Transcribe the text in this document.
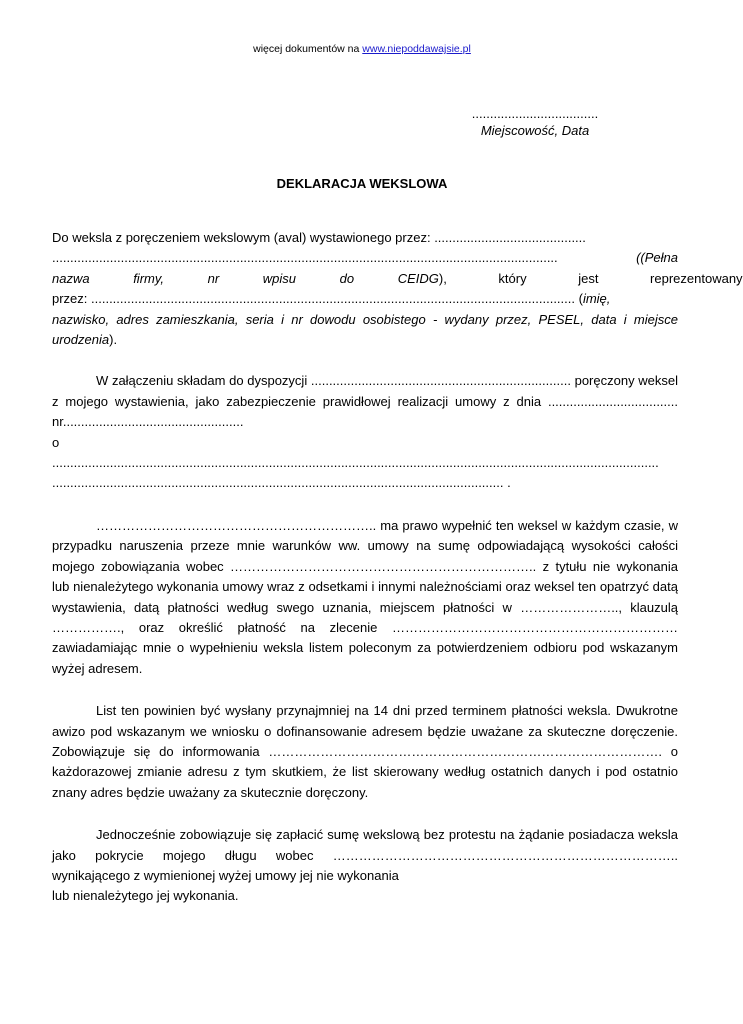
więcej dokumentów na www.niepoddawajsie.pl
...................................
Miejscowość, Data
DEKLARACJA WEKSLOWA
Do weksla z poręczeniem wekslowym (aval) wystawionego przez: ..........................................
............................................................................................................................................	((Pełna
nazwa firmy, nr wpisu do CEIDG ), który jest reprezentowany
przez: ...................................................................................................................................... (imię,
nazwisko, adres zamieszkania, seria i nr dowodu osobistego - wydany przez, PESEL, data i miejsce
urodzenia).

W załączeniu składam do dyspozycji ........................................................................ poręczony weksel z mojego wystawienia, jako zabezpieczenie prawidłowej realizacji umowy z dnia .................................... nr..................................................

o
........................................................................................................................................................................
............................................................................................................................. .

……………………………………………………….. ma prawo wypełnić ten weksel w każdym czasie, w przypadku naruszenia przeze mnie warunków ww. umowy na sumę odpowiadającą wysokości całości mojego zobowiązania wobec …………………………………………………………….. z tytułu nie wykonania lub nienależytego wykonania umowy wraz z odsetkami i innymi należnościami oraz weksel ten opatrzyć datą wystawienia, datą płatności według swego uznania, miejscem płatności w ………………….., klauzulą ……………., oraz określić płatność na zlecenie ………………………………………………………… zawiadamiając mnie o wypełnieniu weksla listem poleconym za potwierdzeniem odbioru pod wskazanym wyżej adresem.

List ten powinien być wysłany przynajmniej na 14 dni przed terminem płatności weksla. Dwukrotne awizo pod wskazanym we wniosku o dofinansowanie adresem będzie uważane za skuteczne doręczenie. Zobowiązuje się do informowania ………………………………………………………………………………. o każdorazowej zmianie adresu z tym skutkiem, że list skierowany według ostatnich danych i pod ostatnio znany adres będzie uważany za skutecznie doręczony.

Jednocześnie zobowiązuje się zapłacić sumę wekslową bez protestu na żądanie posiadacza weksla jako pokrycie mojego długu wobec …………………………………………………………………….. wynikającego z wymienionej wyżej umowy jej nie wykonania

lub nienależytego jej wykonania.
